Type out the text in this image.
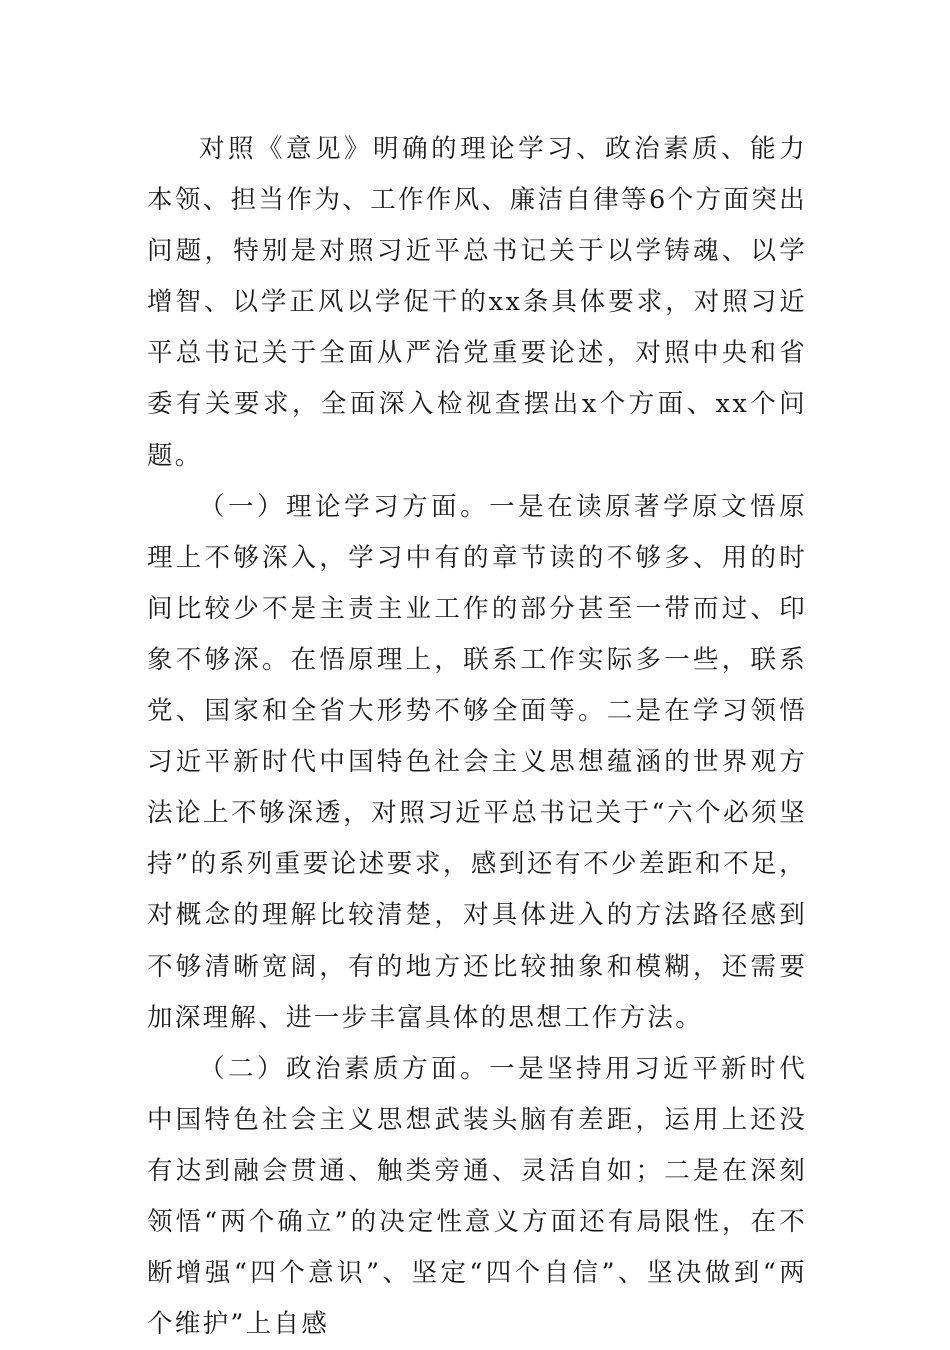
对照《意见》明确的理论学习、政治素质、能力本领、担当作为、工作作风、廉洁自律等6个方面突出问题，特别是对照习近平总书记关于以学铸魂、以学增智、以学正风以学促干的xx条具体要求，对照习近平总书记关于全面从严治党重要论述，对照中央和省委有关要求，全面深入检视查摆出x个方面、xx个问题。

（一）理论学习方面。一是在读原著学原文悟原理上不够深入，学习中有的章节读的不够多、用的时间比较少不是主责主业工作的部分甚至一带而过、印象不够深。在悟原理上，联系工作实际多一些，联系党、国家和全省大形势不够全面等。二是在学习领悟习近平新时代中国特色社会主义思想蕴涵的世界观方法论上不够深透，对照习近平总书记关于“六个必须坚持”的系列重要论述要求，感到还有不少差距和不足，对概念的理解比较清楚，对具体进入的方法路径感到不够清晰宽阔，有的地方还比较抽象和模糊，还需要加深理解、进一步丰富具体的思想工作方法。

（二）政治素质方面。一是坚持用习近平新时代中国特色社会主义思想武装头脑有差距，运用上还没有达到融会贯通、触类旁通、灵活自如；二是在深刻领悟“两个确立”的决定性意义方面还有局限性，在不断增强“四个意识”、坚定“四个自信”、坚决做到“两个维护”上自感
